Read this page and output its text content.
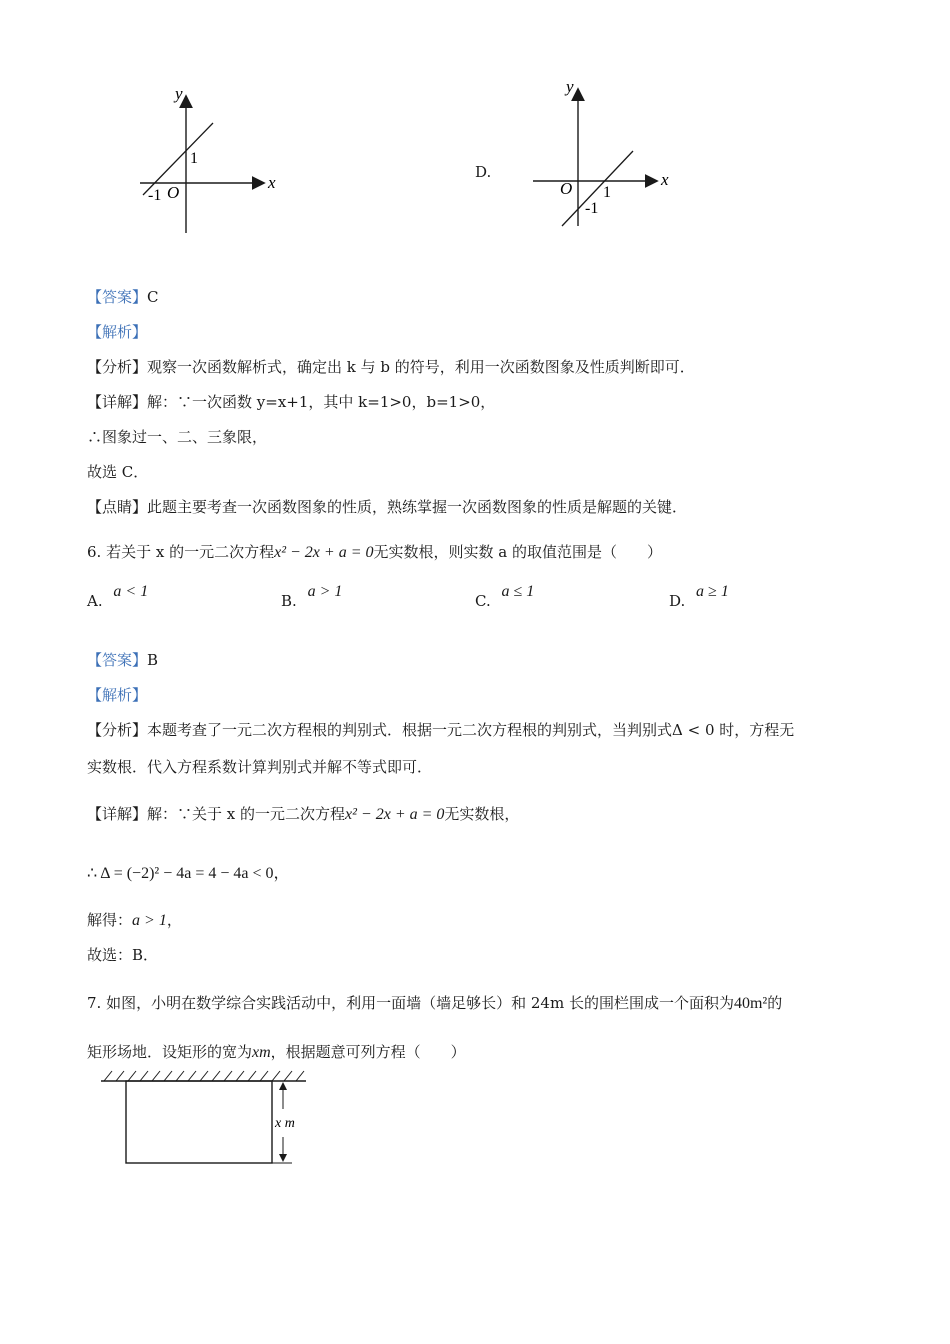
y
x
O
1
-1
D.
y
x
O 1
-1
【答案】C
【解析】
【分析】观察一次函数解析式，确定出 k 与 b 的符号，利用一次函数图象及性质判断即可．
【详解】解：∵一次函数 y=x+1，其中 k=1>0，b=1>0，
∴图象过一、二、三象限，
故选 C．
【点睛】此题主要考查一次函数图象的性质，熟练掌握一次函数图象的性质是解题的关键．
6. 若关于 x 的一元二次方程x² − 2x + a = 0无实数根，则实数 a 的取值范围是（　　）
A. a < 1
B. a > 1
C. a ≤ 1
D. a ≥ 1
【答案】B
【解析】
【分析】本题考查了一元二次方程根的判别式．根据一元二次方程根的判别式，当判别式Δ < 0 时，方程无
实数根．代入方程系数计算判别式并解不等式即可．
【详解】解：∵关于 x 的一元二次方程x² − 2x + a = 0无实数根，
∴ Δ = (−2)² − 4a = 4 − 4a < 0，
解得：a > 1，
故选：B．
7. 如图，小明在数学综合实践活动中，利用一面墙（墙足够长）和 24m 长的围栏围成一个面积为40m²的
矩形场地．设矩形的宽为xm，根据题意可列方程（　　）
x m
